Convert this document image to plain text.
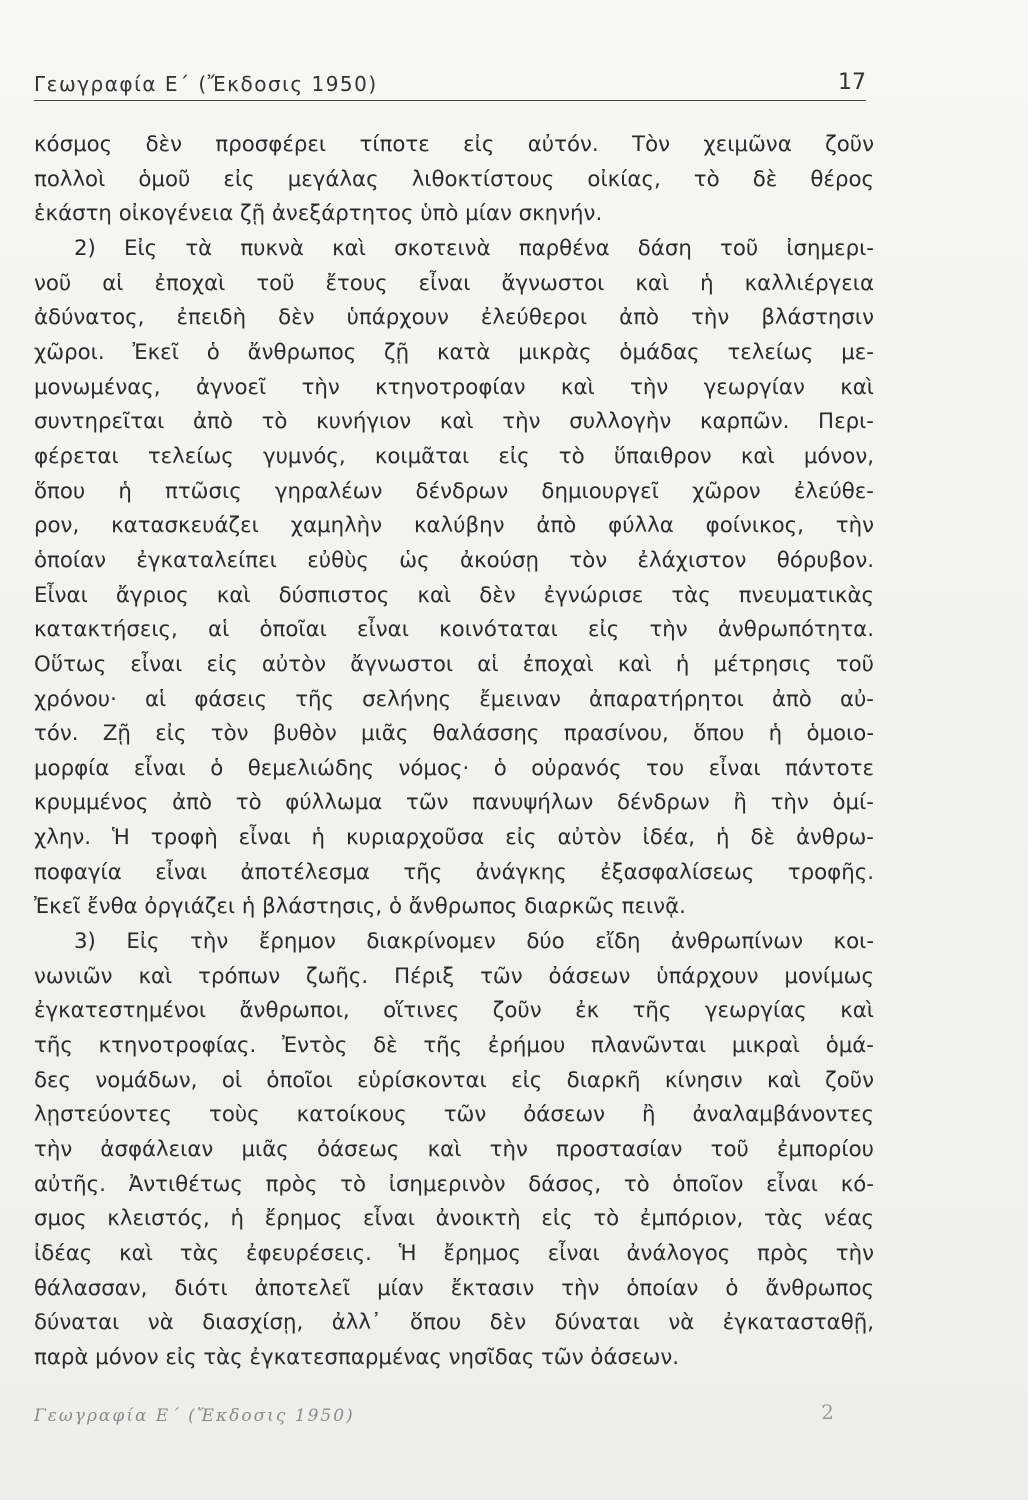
Γεωγραφία Ε΄ (Ἔκδοσις 1950)	17
κόσμος δὲν προσφέρει τίποτε εἰς αὐτόν. Τὸν χειμῶνα ζοῦν
πολλοὶ ὁμοῦ εἰς μεγάλας λιθοκτίστους οἰκίας, τὸ δὲ θέρος
ἑκάστη οἰκογένεια ζῇ ἀνεξάρτητος ὑπὸ μίαν σκηνήν.
2) Εἰς τὰ πυκνὰ καὶ σκοτεινὰ παρθένα δάση τοῦ ἰσημερι-
νοῦ αἱ ἐποχαὶ τοῦ ἔτους εἶναι ἄγνωστοι καὶ ἡ καλλιέργεια
ἀδύνατος, ἐπειδὴ δὲν ὑπάρχουν ἐλεύθεροι ἀπὸ τὴν βλάστησιν
χῶροι. Ἐκεῖ ὁ ἄνθρωπος ζῇ κατὰ μικρὰς ὁμάδας τελείως με-
μονωμένας, ἀγνοεῖ τὴν κτηνοτροφίαν καὶ τὴν γεωργίαν καὶ
συντηρεῖται ἀπὸ τὸ κυνήγιον καὶ τὴν συλλογὴν καρπῶν. Περι-
φέρεται τελείως γυμνός, κοιμᾶται εἰς τὸ ὕπαιθρον καὶ μόνον,
ὅπου ἡ πτῶσις γηραλέων δένδρων δημιουργεῖ χῶρον ἐλεύθε-
ρον, κατασκευάζει χαμηλὴν καλύβην ἀπὸ φύλλα φοίνικος, τὴν
ὁποίαν ἐγκαταλείπει εὐθὺς ὡς ἀκούσῃ τὸν ἐλάχιστον θόρυβον.
Εἶναι ἄγριος καὶ δύσπιστος καὶ δὲν ἐγνώρισε τὰς πνευματικὰς
κατακτήσεις, αἱ ὁποῖαι εἶναι κοινόταται εἰς τὴν ἀνθρωπότητα.
Οὕτως εἶναι εἰς αὐτὸν ἄγνωστοι αἱ ἐποχαὶ καὶ ἡ μέτρησις τοῦ
χρόνου· αἱ φάσεις τῆς σελήνης ἔμειναν ἀπαρατήρητοι ἀπὸ αὐ-
τόν. Ζῇ εἰς τὸν βυθὸν μιᾶς θαλάσσης πρασίνου, ὅπου ἡ ὁμοιο-
μορφία εἶναι ὁ θεμελιώδης νόμος· ὁ οὐρανός του εἶναι πάντοτε
κρυμμένος ἀπὸ τὸ φύλλωμα τῶν πανυψήλων δένδρων ἢ τὴν ὁμί-
χλην. Ἡ τροφὴ εἶναι ἡ κυριαρχοῦσα εἰς αὐτὸν ἰδέα, ἡ δὲ ἀνθρω-
ποφαγία εἶναι ἀποτέλεσμα τῆς ἀνάγκης ἐξασφαλίσεως τροφῆς.
Ἐκεῖ ἔνθα ὀργιάζει ἡ βλάστησις, ὁ ἄνθρωπος διαρκῶς πεινᾷ.
3) Εἰς τὴν ἔρημον διακρίνομεν δύο εἴδη ἀνθρωπίνων κοι-
νωνιῶν καὶ τρόπων ζωῆς. Πέριξ τῶν ὀάσεων ὑπάρχουν μονίμως
ἐγκατεστημένοι ἄνθρωποι, οἵτινες ζοῦν ἐκ τῆς γεωργίας καὶ
τῆς κτηνοτροφίας. Ἐντὸς δὲ τῆς ἐρήμου πλανῶνται μικραὶ ὁμά-
δες νομάδων, οἱ ὁποῖοι εὑρίσκονται εἰς διαρκῆ κίνησιν καὶ ζοῦν
λῃστεύοντες τοὺς κατοίκους τῶν ὀάσεων ἢ ἀναλαμβάνοντες
τὴν ἀσφάλειαν μιᾶς ὀάσεως καὶ τὴν προστασίαν τοῦ ἐμπορίου
αὐτῆς. Ἀντιθέτως πρὸς τὸ ἰσημερινὸν δάσος, τὸ ὁποῖον εἶναι κό-
σμος κλειστός, ἡ ἔρημος εἶναι ἀνοικτὴ εἰς τὸ ἐμπόριον, τὰς νέας
ἰδέας καὶ τὰς ἐφευρέσεις. Ἡ ἔρημος εἶναι ἀνάλογος πρὸς τὴν
θάλασσαν, διότι ἀποτελεῖ μίαν ἔκτασιν τὴν ὁποίαν ὁ ἄνθρωπος
δύναται νὰ διασχίσῃ, ἀλλ᾽ ὅπου δὲν δύναται νὰ ἐγκατασταθῇ,
παρὰ μόνον εἰς τὰς ἐγκατεσπαρμένας νησῖδας τῶν ὀάσεων.
Γεωγραφία Ε΄ (Ἔκδοσις 1950)	2
